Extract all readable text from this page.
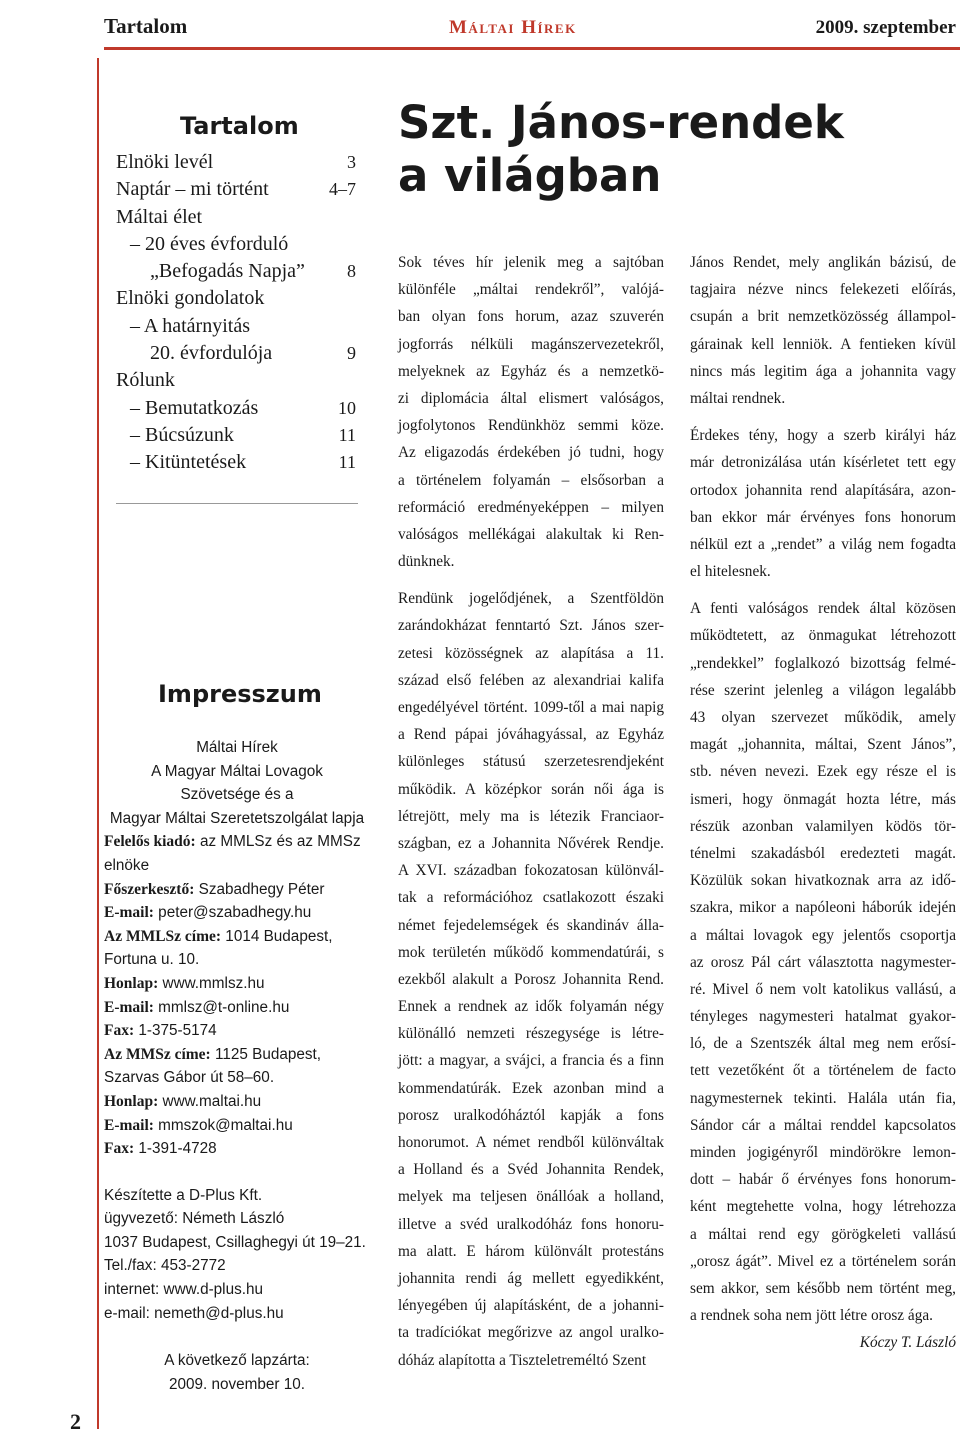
Tartalom	Máltai Hírek	2009. szeptember
2
Tartalom
Elnöki levél	3
Naptár – mi történt	4–7
Máltai élet
– 20 éves évforduló
„Befogadás Napja” 8
Elnöki gondolatok
– A határnyitás
20. évfordulója	9
Rólunk
– Bemutatkozás	10
– Búcsúzunk	11
– Kitüntetések	11
Impresszum
Máltai Hírek
A Magyar Máltai Lovagok
Szövetsége és a
Magyar Máltai Szeretetszolgálat lapja
Felelős kiadó: az MMLSz és az MMSz
elnöke
Főszerkesztő: Szabadhegy Péter
E-mail: peter@szabadhegy.hu
Az MMLSz címe: 1014 Budapest,
Fortuna u. 10.
Honlap: www.mmlsz.hu
E-mail: mmlsz@t-online.hu
Fax: 1-375-5174
Az MMSz címe: 1125 Budapest,
Szarvas Gábor út 58–60.
Honlap: www.maltai.hu
E-mail: mmszok@maltai.hu
Fax: 1-391-4728
Készítette a D-Plus Kft.
ügyvezető: Németh László
1037 Budapest, Csillaghegyi út 19–21.
Tel./fax: 453-2772
internet: www.d-plus.hu
e-mail: nemeth@d-plus.hu
A következő lapzárta:
2009. november 10.
Szt. János-rendek
a világban
Sok téves hír jelenik meg a sajtóban
különféle „máltai rendekről”, valójá-
ban olyan fons horum, azaz szuverén
jogforrás nélküli magánszervezetekről,
melyeknek az Egyház és a nemzetkö-
zi diplomácia által elismert valóságos,
jogfolytonos Rendünkhöz semmi köze.
Az eligazodás érdekében jó tudni, hogy
a történelem folyamán – elsősorban a
reformáció eredményeképpen – milyen
valóságos mellékágai alakultak ki Ren-
dünknek.
Rendünk jogelődjének, a Szentföldön
zarándokházat fenntartó Szt. János szer-
zetesi közösségnek az alapítása a 11.
század első felében az alexandriai kalifa
engedélyével történt. 1099-től a mai napig
a Rend pápai jóváhagyással, az Egyház
különleges státusú szerzetesrendjeként
működik. A középkor során női ága is
létrejött, mely ma is létezik Franciaor-
szágban, ez a Johannita Nővérek Rendje.
A XVI. században fokozatosan különvál-
tak a reformációhoz csatlakozott északi
német fejedelemségek és skandináv álla-
mok területén működő kommendatúrái, s
ezekből alakult a Porosz Johannita Rend.
Ennek a rendnek az idők folyamán négy
különálló nemzeti részegysége is létre-
jött: a magyar, a svájci, a francia és a finn
kommendatúrák. Ezek azonban mind a
porosz uralkodóháztól kapják a fons
honorumot. A német rendből különváltak
a Holland és a Svéd Johannita Rendek,
melyek ma teljesen önállóak a holland,
illetve a svéd uralkodóház fons honoru-
ma alatt. E három különvált protestáns
johannita rendi ág mellett egyedikként,
lényegében új alapításként, de a johanni-
ta tradíciókat megőrizve az angol uralko-
dóház alapította a Tiszteletreméltó Szent
János Rendet, mely anglikán bázisú, de
tagjaira nézve nincs felekezeti előírás,
csupán a brit nemzetközösség állampol-
gárainak kell lenniök. A fentieken kívül
nincs más legitim ága a johannita vagy
máltai rendnek.
Érdekes tény, hogy a szerb királyi ház
már detronizálása után kísérletet tett egy
ortodox johannita rend alapítására, azon-
ban ekkor már érvényes fons honorum
nélkül ezt a „rendet” a világ nem fogadta
el hitelesnek.
A fenti valóságos rendek által közösen
működtetett, az önmagukat létrehozott
„rendekkel” foglalkozó bizottság felmé-
rése szerint jelenleg a világon legalább
43 olyan szervezet működik, amely
magát „johannita, máltai, Szent János”,
stb. néven nevezi. Ezek egy része el is
ismeri, hogy önmagát hozta létre, más
részük azonban valamilyen ködös tör-
ténelmi szakadásból eredezteti magát.
Közülük sokan hivatkoznak arra az idő-
szakra, mikor a napóleoni háborúk idején
a máltai lovagok egy jelentős csoportja
az orosz Pál cárt választotta nagymester-
ré. Mivel ő nem volt katolikus vallású, a
tényleges nagymesteri hatalmat gyakor-
ló, de a Szentszék által meg nem erősí-
tett vezetőként őt a történelem de facto
nagymesternek tekinti. Halála után fia,
Sándor cár a máltai renddel kapcsolatos
minden jogigényről mindörökre lemon-
dott – habár ő érvényes fons honorum-
ként megtehette volna, hogy létrehozza
a máltai rend egy görögkeleti vallású
„orosz ágát”. Mivel ez a történelem során
sem akkor, sem később nem történt meg,
a rendnek soha nem jött létre orosz ága.
Kóczy T. László
